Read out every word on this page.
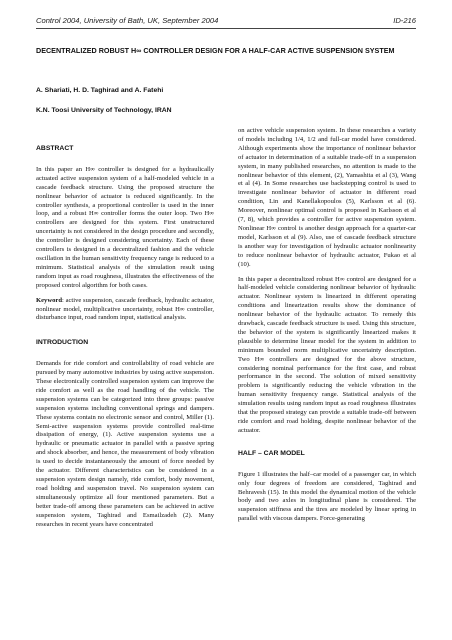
Control 2004, University of Bath, UK, September 2004	ID-216
DECENTRALIZED ROBUST H∞ CONTROLLER DESIGN FOR A HALF-CAR ACTIVE SUSPENSION SYSTEM
A. Shariati, H. D. Taghirad and A. Fatehi
K.N. Toosi University of Technology, IRAN

ABSTRACT

In this paper an H∞ controller is designed for a hydraulically actuated active suspension system of a half-modeled vehicle in a cascade feedback structure. Using the proposed structure the nonlinear behavior of actuator is reduced significantly. In the controller synthesis, a proportional controller is used in the inner loop, and a robust H∞ controller forms the outer loop. Two H∞ controllers are designed for this system. First unstructured uncertainty is not considered in the design procedure and secondly, the controller is designed considering uncertainty. Each of these controllers is designed in a decentralized fashion and the vehicle oscillation in the human sensitivity frequency range is reduced to a minimum. Statistical analysis of the simulation result using random input as road roughness, illustrates the effectiveness of the proposed control algorithm for both cases.

Keyword: active suspension, cascade feedback, hydraulic actuator, nonlinear model, multiplicative uncertainty, robust H∞ controller, disturbance input, road random input, statistical analysis.

INTRODUCTION

Demands for ride comfort and controllability of road vehicle are pursued by many automotive industries by using active suspension. These electronically controlled suspension system can improve the ride comfort as well as the road handling of the vehicle. The suspension systems can be categorized into three groups: passive suspension systems including conventional springs and dampers. These systems contain no electronic sensor and control, Miller (1). Semi-active suspension systems provide controlled real-time dissipation of energy, (1). Active suspension systems use a hydraulic or pneumatic actuator in parallel with a passive spring and shock absorber, and hence, the measurement of body vibration is used to decide instantaneously the amount of force needed by the actuator. Different characteristics can be considered in a suspension system design namely, ride comfort, body movement, road holding and suspension travel. No suspension system can simultaneously optimize all four mentioned parameters. But a better trade-off among these parameters can be achieved in active suspension system, Taghirad and Esmailzadeh (2). Many researches in recent years have concentrated

on active vehicle suspension system. In these researches a variety of models including 1/4, 1/2 and full-car model have considered. Although experiments show the importance of nonlinear behavior of actuator in determination of a suitable trade-off in a suspension system, in many published researches, no attention is made to the nonlinear behavior of this element, (2), Yamashita et al (3), Wang et al (4). In Some researches use backstepping control is used to investigate nonlinear behavior of actuator in different road condition, Lin and Kanellakopoulos (5), Karlsson et al (6). Moreover, nonlinear optimal control is proposed in Karlsson et al (7, 8), which provides a controller for active suspension system. Nonlinear H∞ control is another design approach for a quarter-car model, Karlsson et al (9). Also, use of cascade feedback structure is another way for investigation of hydraulic actuator nonlinearity to reduce nonlinear behavior of hydraulic actuator, Fukao et al (10).

In this paper a decentralized robust H∞ control are designed for a half-modeled vehicle considering nonlinear behavior of hydraulic actuator. Nonlinear system is linearized in different operating conditions and linearization results show the dominance of nonlinear behavior of the hydraulic actuator. To remedy this drawback, cascade feedback structure is used. Using this structure, the behavior of the system is significantly linearized makes it plausible to determine linear model for the system in addition to minimum bounded norm multiplicative uncertainty description. Two H∞ controllers are designed for the above structure, considering nominal performance for the first case, and robust performance in the second. The solution of mixed sensitivity problem is significantly reducing the vehicle vibration in the human sensitivity frequency range. Statistical analysis of the simulation results using random input as road roughness illustrates that the proposed strategy can provide a suitable trade-off between ride comfort and road holding, despite nonlinear behavior of the actuator.

HALF – CAR MODEL

Figure 1 illustrates the half–car model of a passenger car, in which only four degrees of freedom are considered, Taghirad and Behravesh (15). In this model the dynamical motion of the vehicle body and two axles in longitudinal plane is considered. The suspension stiffness and the tires are modeled by linear spring in parallel with viscous dampers. Force-generating
